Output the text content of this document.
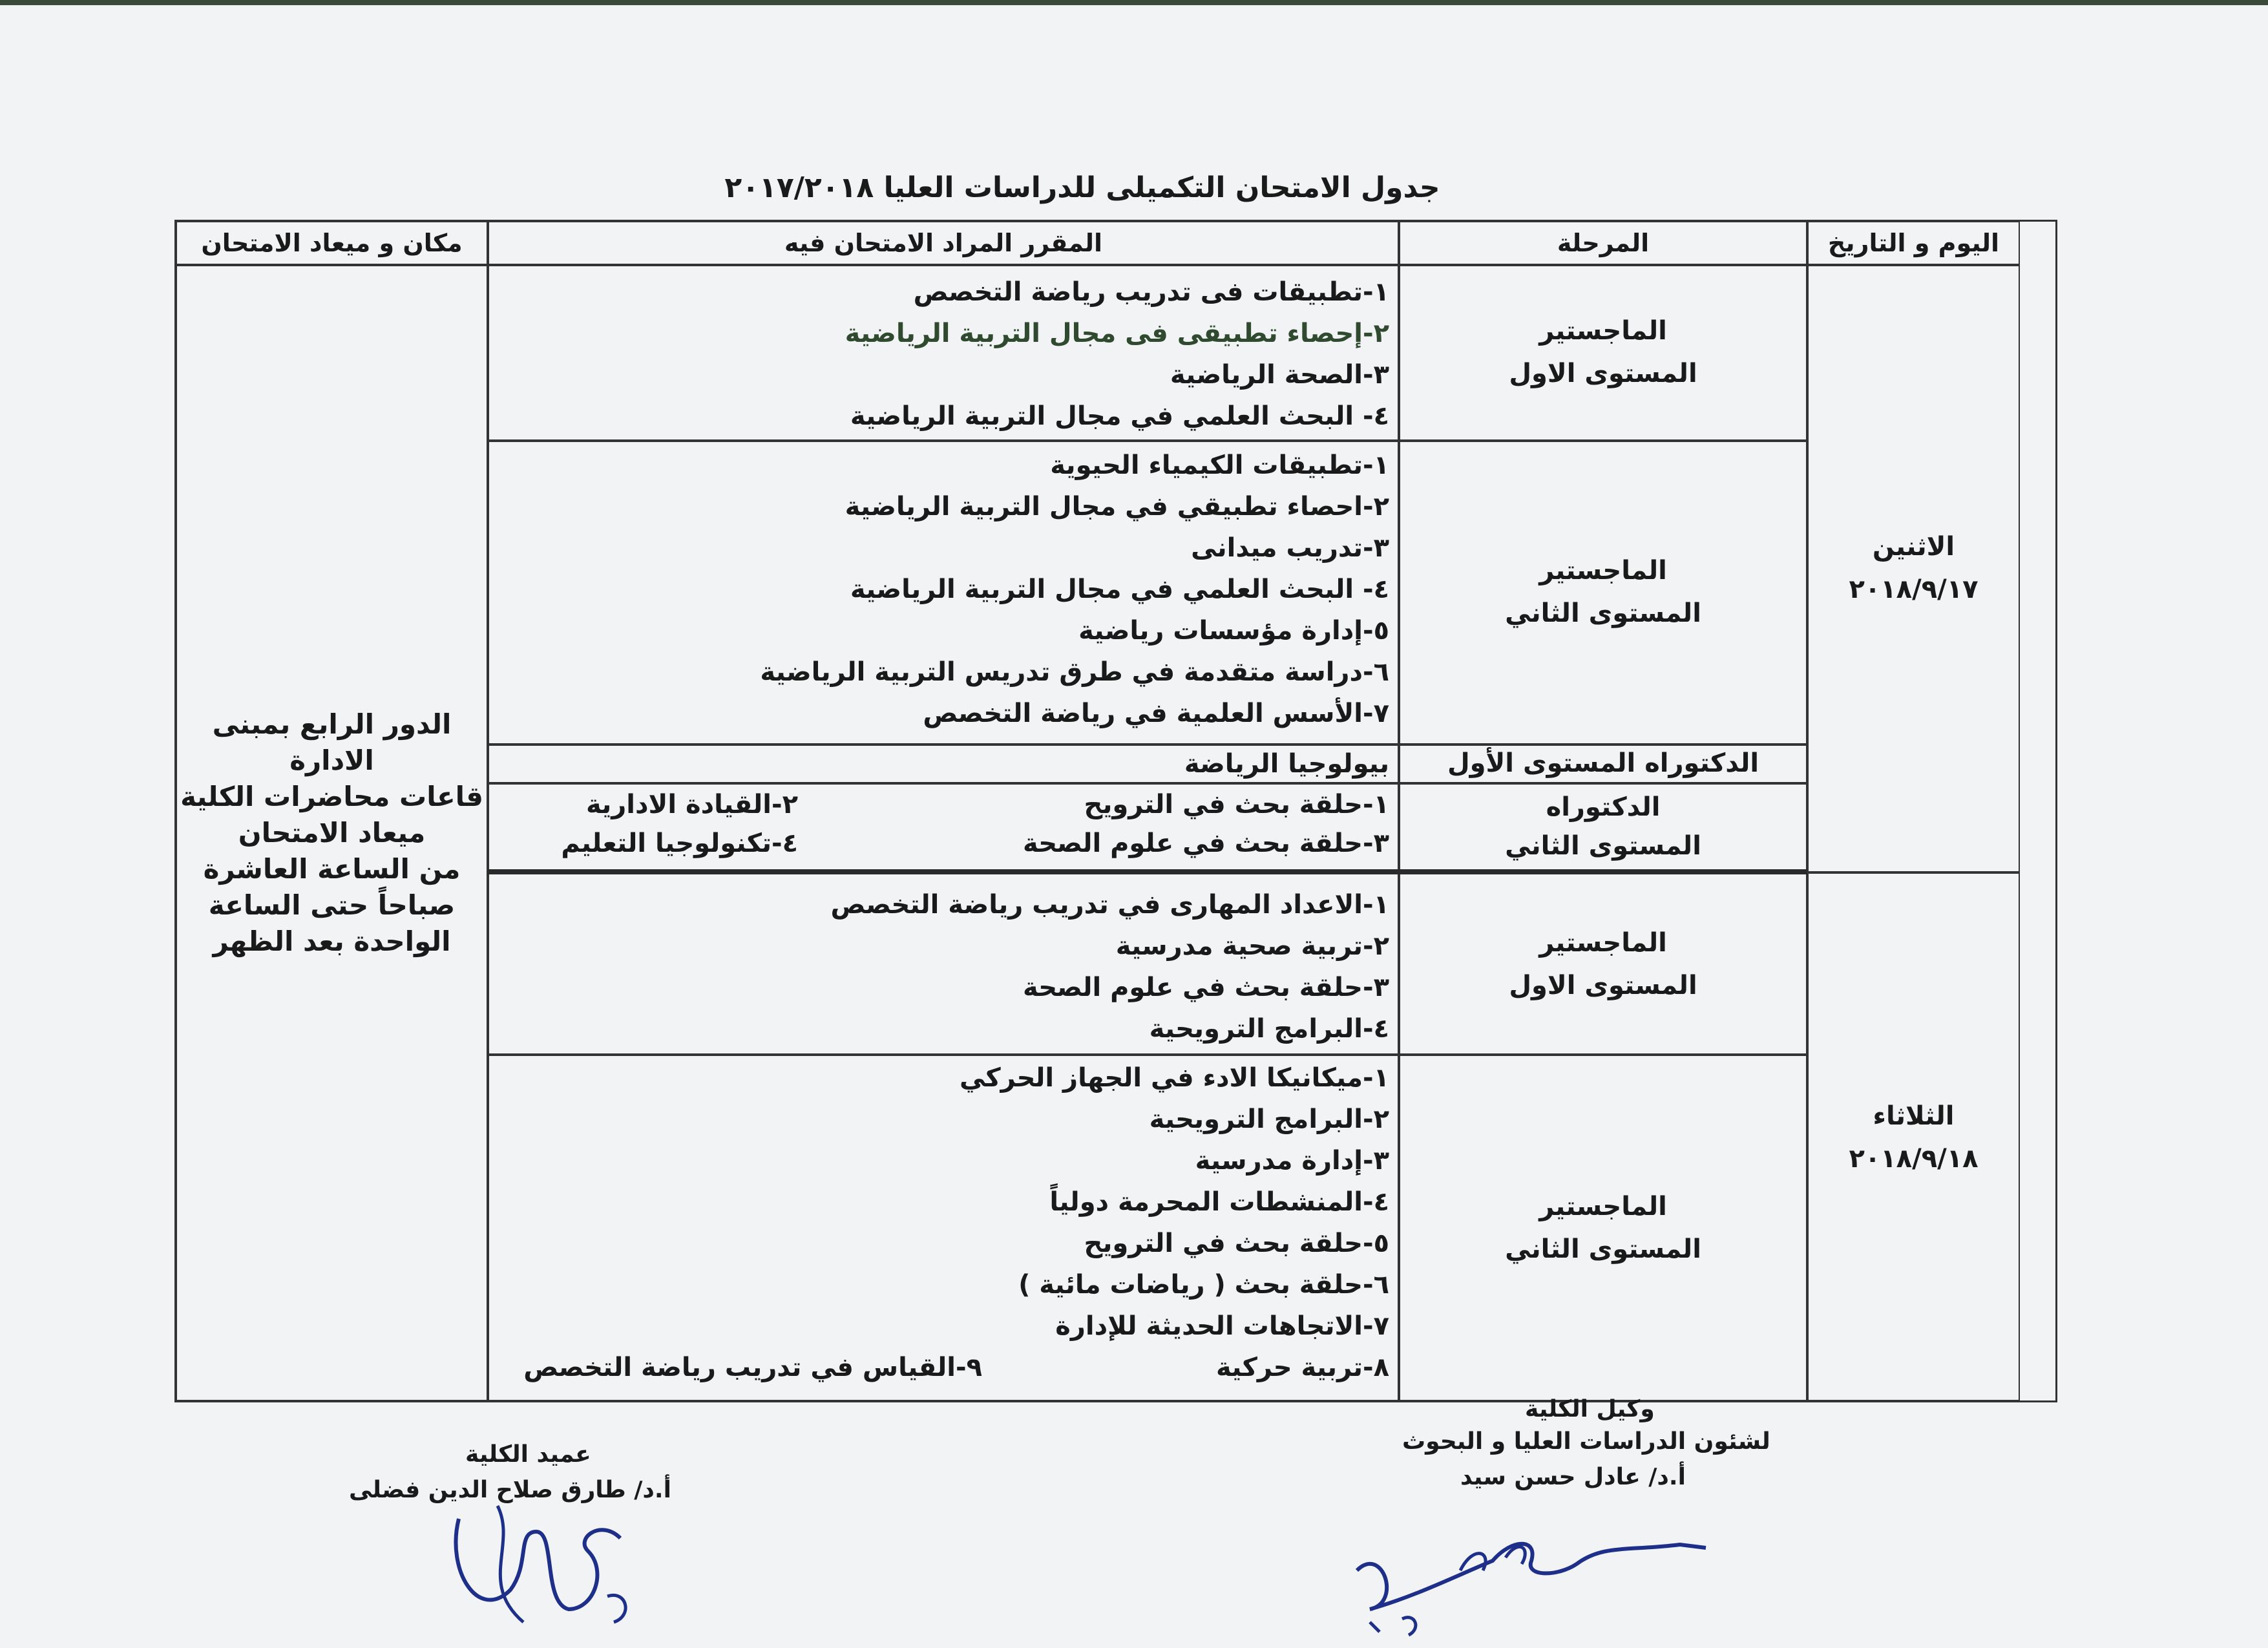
جدول الامتحان التكميلى للدراسات العليا ٢٠١٧/٢٠١٨
اليوم و التاريخ
المرحلة
المقرر المراد الامتحان فيه
مكان و ميعاد الامتحان
الاثنين
٢٠١٨/٩/١٧
الثلاثاء
٢٠١٨/٩/١٨
الماجستير
المستوى الاول
١-تطبيقات فى تدريب رياضة التخصص
٢-إحصاء تطبيقى فى مجال التربية الرياضية
٣-الصحة الرياضية
٤- البحث العلمي في مجال التربية الرياضية
الماجستير
المستوى الثاني
١-تطبيقات الكيمياء الحيوية
٢-احصاء تطبيقي في مجال التربية الرياضية
٣-تدريب ميدانى
٤- البحث العلمي في مجال التربية الرياضية
٥-إدارة مؤسسات رياضية
٦-دراسة متقدمة في طرق تدريس التربية الرياضية
٧-الأسس العلمية في رياضة التخصص
الدكتوراه المستوى الأول
بيولوجيا الرياضة
الدكتوراه
المستوى الثاني
١-حلقة بحث في الترويح
٣-حلقة بحث في علوم الصحة
٢-القيادة الادارية
٤-تكنولوجيا التعليم
الماجستير
المستوى الاول
١-الاعداد المهارى في تدريب رياضة التخصص
٢-تربية صحية مدرسية
٣-حلقة بحث في علوم الصحة
٤-البرامج الترويحية
الماجستير
المستوى الثاني
١-ميكانيكا الادء في الجهاز الحركي
٢-البرامج الترويحية
٣-إدارة مدرسية
٤-المنشطات المحرمة دولياً
٥-حلقة بحث في الترويح
٦-حلقة بحث ( رياضات مائية )
٧-الاتجاهات الحديثة للإدارة
٨-تربية حركية
٩-القياس في تدريب رياضة التخصص
الدور الرابع بمبنى
الادارة
قاعات محاضرات الكلية
ميعاد الامتحان
من الساعة العاشرة
صباحاً حتى الساعة
الواحدة بعد الظهر
وكيل الكلية
لشئون الدراسات العليا و البحوث
أ.د/ عادل حسن سيد
عميد الكلية
أ.د/ طارق صلاح الدين فضلى
